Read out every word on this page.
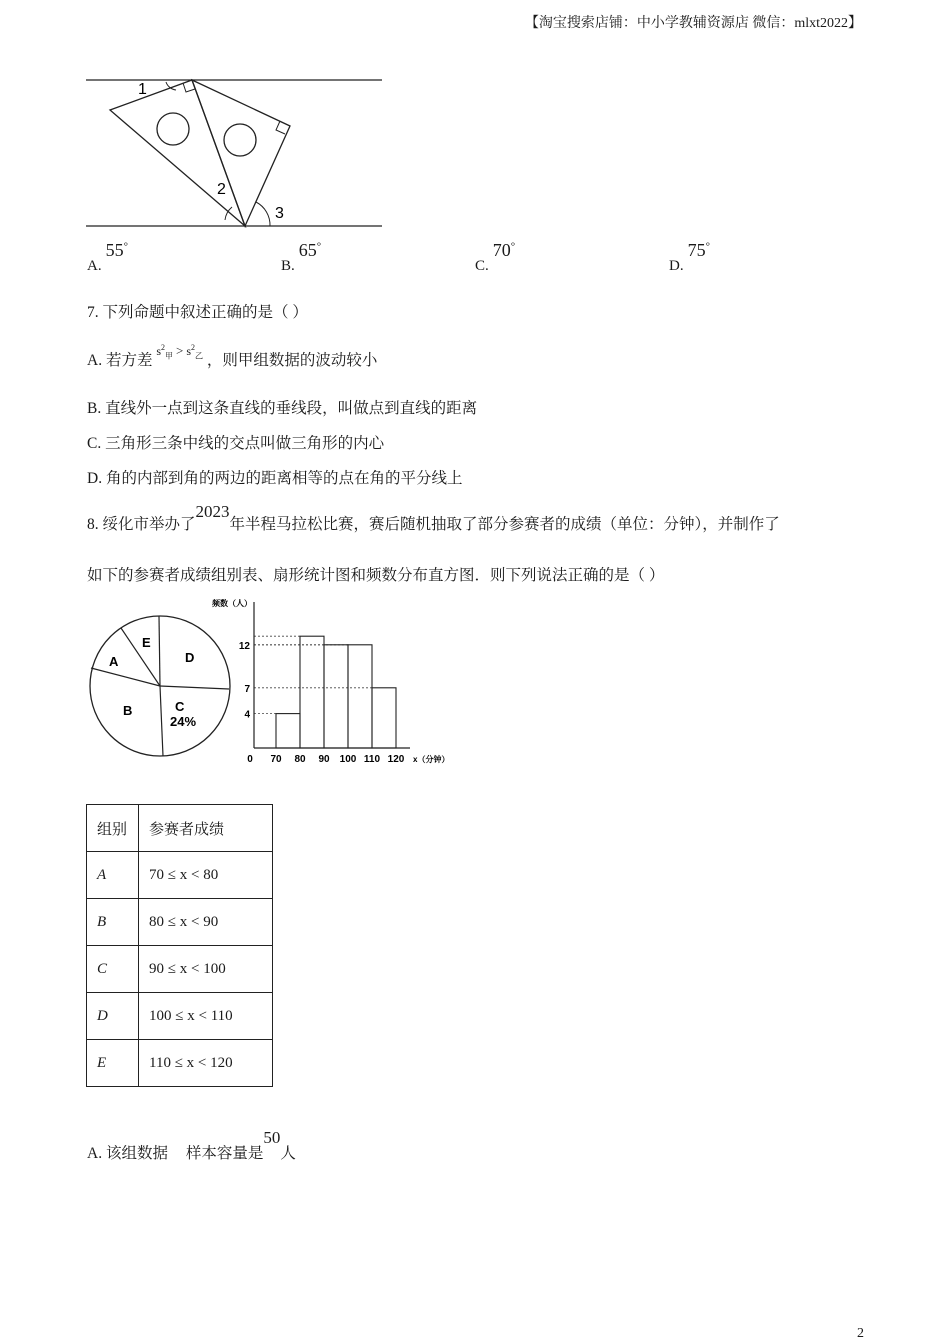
【淘宝搜索店铺：中小学教辅资源店 微信：mlxt2022】
1
2
3
A. 55°
B. 65°
C. 70°
D. 75°
7. 下列命题中叙述正确的是（ ）
A. 若方差 $s^2_甲 > s^2_乙$ ，则甲组数据的波动较小
B. 直线外一点到这条直线的垂线段，叫做点到直线的距离
C. 三角形三条中线的交点叫做三角形的内心
D. 角的内部到角的两边的距离相等的点在角的平分线上
8. 绥化市举办了2023年半程马拉松比赛，赛后随机抽取了部分参赛者的成绩（单位：分钟），并制作了
如下的参赛者成绩组别表、扇形统计图和频数分布直方图．则下列说法正确的是（ ）
A
B	C
24%
D
E
频数（人）
x（分钟）
0 70 80 90 100 110 120
4
7
12
组别	参赛者成绩
A	70 ≤ x < 80
B	80 ≤ x < 90
C	90 ≤ x < 100
D	100 ≤ x < 110
E	110 ≤ x < 120
A. 该组数据 样本容量是50人
2
